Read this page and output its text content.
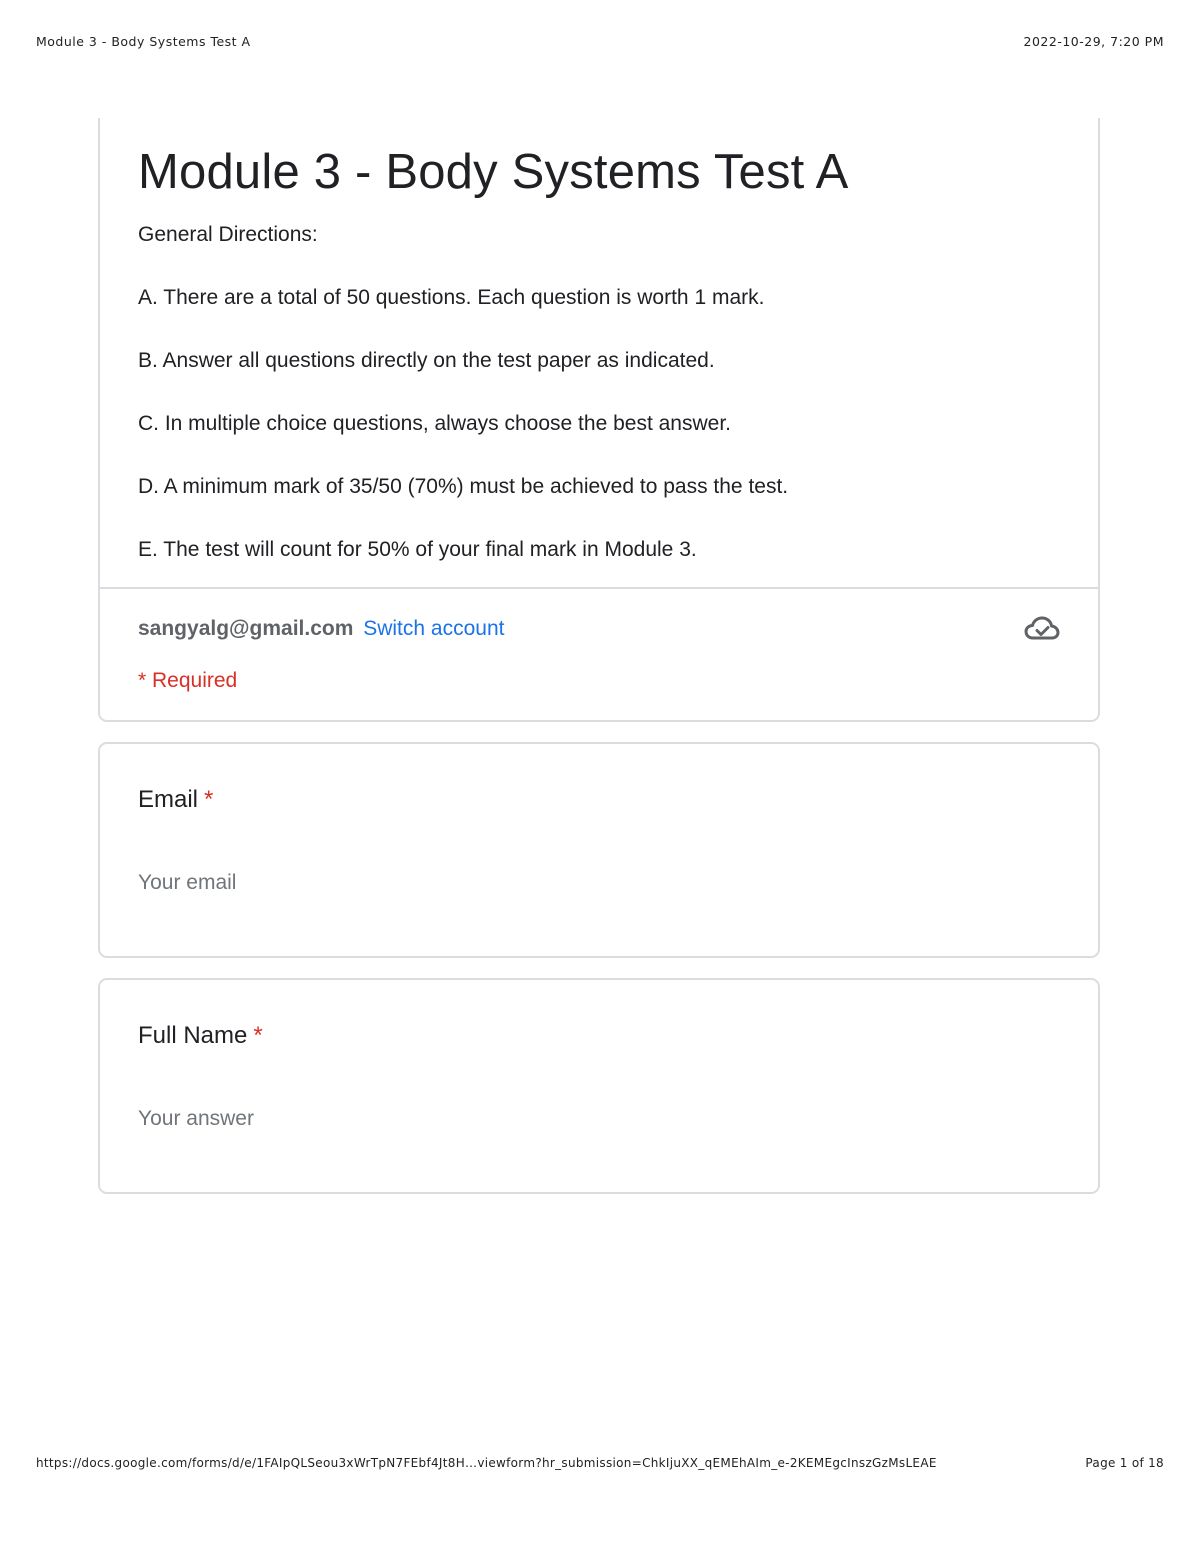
Module 3 - Body Systems Test A	2022-10-29, 7:20 PM
Module 3 - Body Systems Test A
General Directions:
A. There are a total of 50 questions. Each question is worth 1 mark.
B. Answer all questions directly on the test paper as indicated.
C. In multiple choice questions, always choose the best answer.
D. A minimum mark of 35/50 (70%) must be achieved to pass the test.
E. The test will count for 50% of your final mark in Module 3.
sangyalg@gmail.com Switch account
* Required
Email *
Your email
Full Name *
Your answer
https://docs.google.com/forms/d/e/1FAIpQLSeou3xWrTpN7FEbf4Jt8H…viewform?hr_submission=ChkIjuXX_qEMEhAIm_e-2KEMEgcInszGzMsLEAE	Page 1 of 18
